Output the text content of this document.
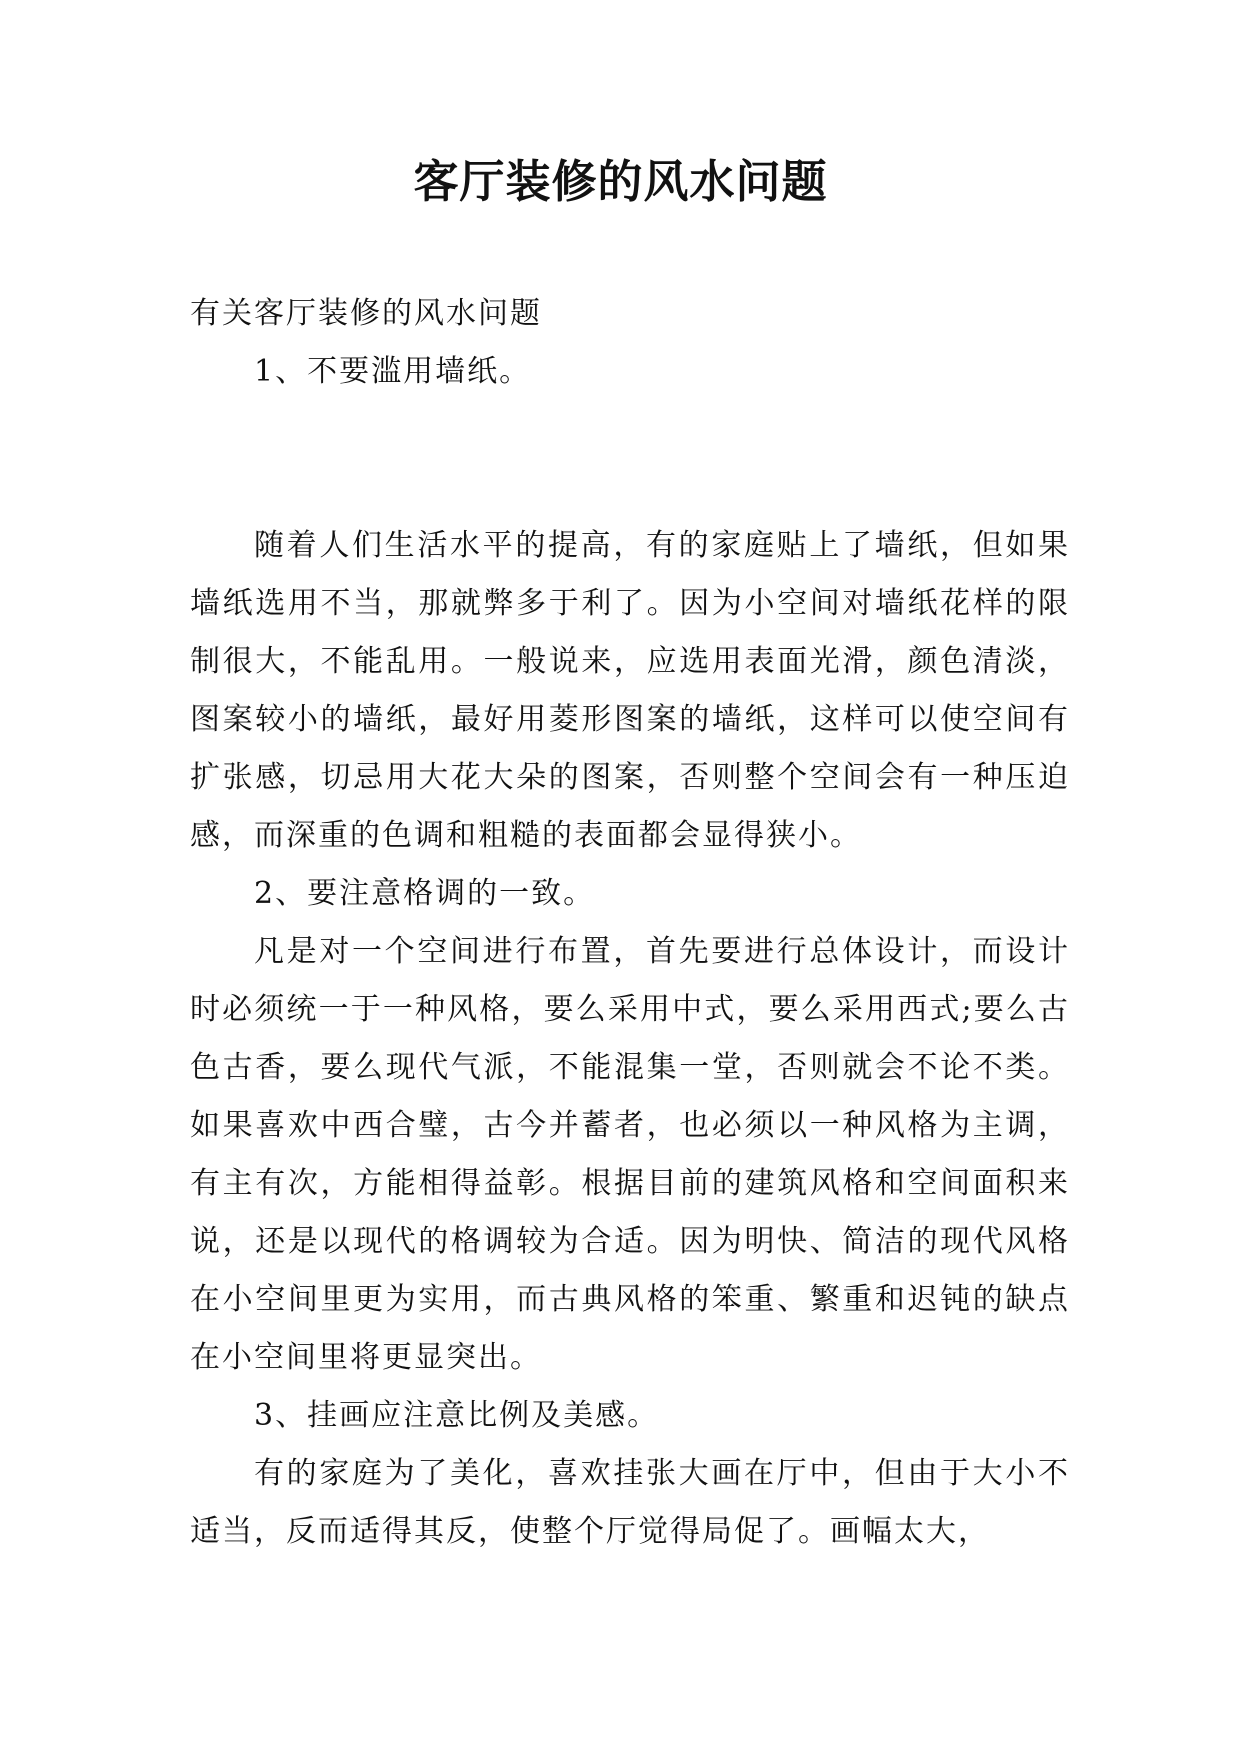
客厅装修的风水问题

有关客厅装修的风水问题

1、不要滥用墙纸。

随着人们生活水平的提高，有的家庭贴上了墙纸，但如果墙纸选用不当，那就弊多于利了。因为小空间对墙纸花样的限制很大，不能乱用。一般说来，应选用表面光滑，颜色清淡，图案较小的墙纸，最好用菱形图案的墙纸，这样可以使空间有扩张感，切忌用大花大朵的图案，否则整个空间会有一种压迫感，而深重的色调和粗糙的表面都会显得狭小。

2、要注意格调的一致。

凡是对一个空间进行布置，首先要进行总体设计，而设计时必须统一于一种风格，要么采用中式，要么采用西式;要么古色古香，要么现代气派，不能混集一堂，否则就会不论不类。如果喜欢中西合璧，古今并蓄者，也必须以一种风格为主调，有主有次，方能相得益彰。根据目前的建筑风格和空间面积来说，还是以现代的格调较为合适。因为明快、简洁的现代风格在小空间里更为实用，而古典风格的笨重、繁重和迟钝的缺点在小空间里将更显突出。

3、挂画应注意比例及美感。

有的家庭为了美化，喜欢挂张大画在厅中，但由于大小不适当，反而适得其反，使整个厅觉得局促了。画幅太大，
